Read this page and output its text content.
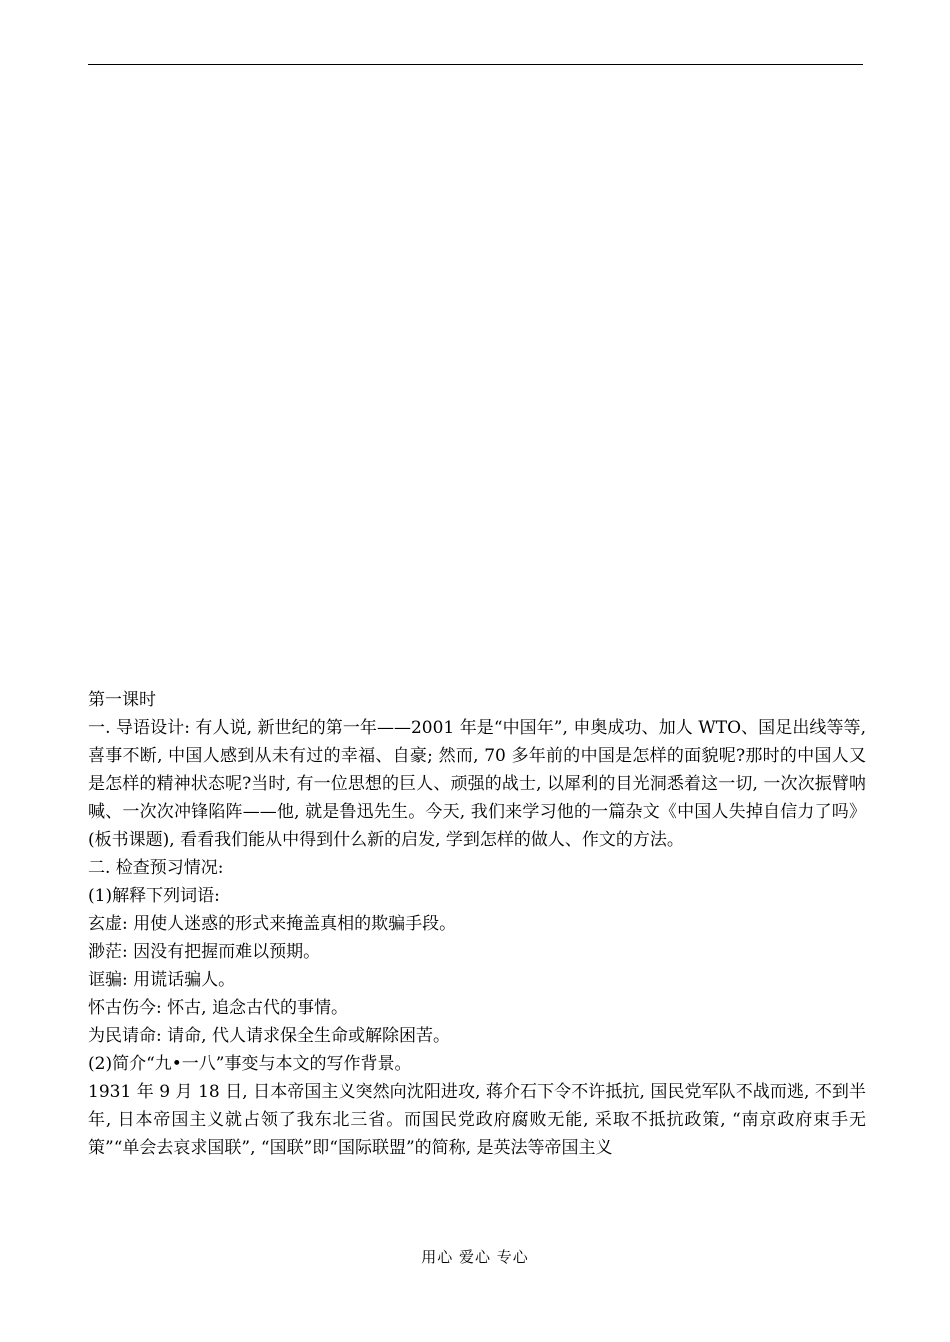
第一课时

一. 导语设计: 有人说, 新世纪的第一年——2001 年是“中国年”, 申奥成功、加人 WTO、国足出线等等, 喜事不断, 中国人感到从未有过的幸福、自豪; 然而, 70 多年前的中国是怎样的面貌呢?那时的中国人又是怎样的精神状态呢?当时, 有一位思想的巨人、顽强的战士, 以犀利的目光洞悉着这一切, 一次次振臂呐喊、一次次冲锋陷阵——他, 就是鲁迅先生。今天, 我们来学习他的一篇杂文《中国人失掉自信力了吗》(板书课题), 看看我们能从中得到什么新的启发, 学到怎样的做人、作文的方法。

二. 检查预习情况:

(1)解释下列词语:

玄虚: 用使人迷惑的形式来掩盖真相的欺骗手段。

渺茫: 因没有把握而难以预期。

诓骗: 用谎话骗人。

怀古伤今: 怀古, 追念古代的事情。

为民请命: 请命, 代人请求保全生命或解除困苦。

(2)简介“九•一八”事变与本文的写作背景。

1931 年 9 月 18 日, 日本帝国主义突然向沈阳进攻, 蒋介石下令不许抵抗, 国民党军队不战而逃, 不到半年, 日本帝国主义就占领了我东北三省。而国民党政府腐败无能, 采取不抵抗政策, “南京政府束手无策”“单会去哀求国联”, “国联”即“国际联盟”的简称, 是英法等帝国主义

用心 爱心 专心
